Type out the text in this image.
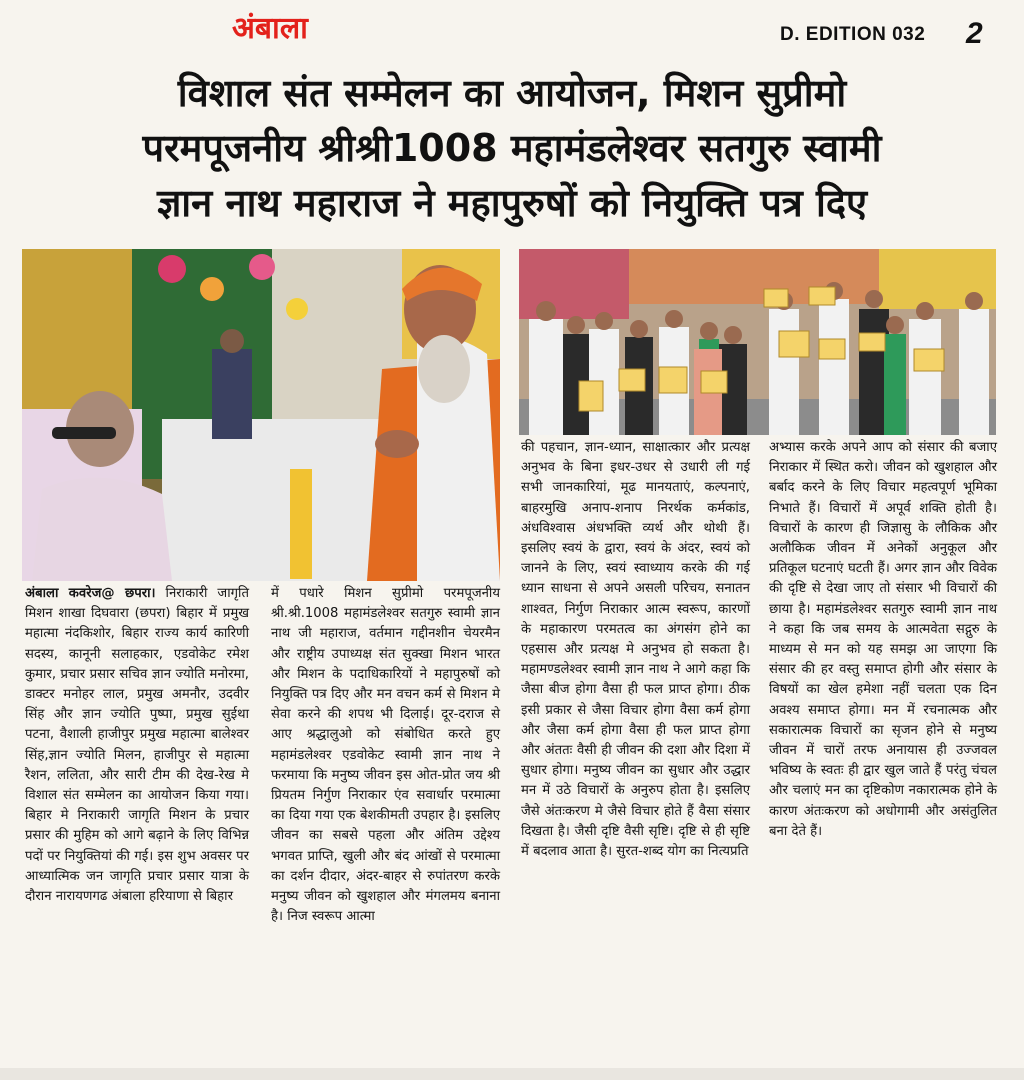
अंबाला	D. EDITION 032 2
विशाल संत सम्मेलन का आयोजन, मिशन सुप्रीमो
परमपूजनीय श्रीश्री1008 महामंडलेश्वर सतगुरु स्वामी
ज्ञान नाथ महाराज ने महापुरुषों को नियुक्ति पत्र दिए

अंबाला कवरेज@ छपरा। निराकारी जागृति मिशन शाखा दिघवारा (छपरा) बिहार में प्रमुख महात्मा नंदकिशोर, बिहार राज्य कार्य कारिणी सदस्य, कानूनी सलाहकार, एडवोकेट रमेश कुमार, प्रचार प्रसार सचिव ज्ञान ज्योति मनोरमा, डाक्टर मनोहर लाल, प्रमुख अमनौर, उदवीर सिंह और ज्ञान ज्योति पुष्पा, प्रमुख सुईथा पटना, वैशाली हाजीपुर प्रमुख महात्मा बालेश्वर सिंह,ज्ञान ज्योति मिलन, हाजीपुर से महात्मा रैशन, ललिता, और सारी टीम की देख-रेख मे विशाल संत सम्मेलन का आयोजन किया गया। बिहार मे निराकारी जागृति मिशन के प्रचार प्रसार की मुहिम को आगे बढ़ाने के लिए विभिन्न पदों पर नियुक्तियां की गई। इस शुभ अवसर पर आध्यात्मिक जन जागृति प्रचार प्रसार यात्रा के दौरान नारायणगढ अंबाला हरियाणा से बिहार

में पधारे मिशन सुप्रीमो परमपूजनीय श्री.श्री.1008 महामंडलेश्वर सतगुरु स्वामी ज्ञान नाथ जी महाराज, वर्तमान गद्दीनशीन चेयरमैन और राष्ट्रीय उपाध्यक्ष संत सुक्खा मिशन भारत और मिशन के पदाधिकारियों ने महापुरुषों को नियुक्ति पत्र दिए और मन वचन कर्म से मिशन मे सेवा करने की शपथ भी दिलाई। दूर-दराज से आए श्रद्धालुओ को संबोधित करते हुए महामंडलेश्वर एडवोकेट स्वामी ज्ञान नाथ ने फरमाया कि मनुष्य जीवन इस ओत-प्रोत जय श्री प्रियतम निर्गुण निराकार एंव सवार्धार परमात्मा का दिया गया एक बेशकीमती उपहार है। इसलिए जीवन का सबसे पहला और अंतिम उद्देश्य भगवत प्राप्ति, खुली और बंद आंखों से परमात्मा का दर्शन दीदार, अंदर-बाहर से रुपांतरण करके मनुष्य जीवन को खुशहाल और मंगलमय बनाना है। निज स्वरूप आत्मा

की पहचान, ज्ञान-ध्यान, साक्षात्कार और प्रत्यक्ष अनुभव के बिना इधर-उधर से उधारी ली गई सभी जानकारियां, मूढ मानयताएं, कल्पनाएं, बाहरमुखि अनाप-शनाप निरर्थक कर्मकांड, अंधविश्वास अंधभक्ति व्यर्थ और थोथी हैं। इसलिए स्वयं के द्वारा, स्वयं के अंदर, स्वयं को जानने के लिए, स्वयं स्वाध्याय करके की गई ध्यान साधना से अपने असली परिचय, सनातन शाश्वत, निर्गुण निराकार आत्म स्वरूप, कारणों के महाकारण परमतत्व का अंगसंग होने का एहसास और प्रत्यक्ष मे अनुभव हो सकता है। महामण्डलेश्वर स्वामी ज्ञान नाथ ने आगे कहा कि जैसा बीज होगा वैसा ही फल प्राप्त होगा। ठीक इसी प्रकार से जैसा विचार होगा वैसा कर्म होगा और जैसा कर्म होगा वैसा ही फल प्राप्त होगा और अंततः वैसी ही जीवन की दशा और दिशा में सुधार होगा। मनुष्य जीवन का सुधार और उद्धार मन में उठे विचारों के अनुरुप होता है। इसलिए जैसे अंतःकरण मे जैसे विचार होते हैं वैसा संसार दिखता है। जैसी दृष्टि वैसी सृष्टि। दृष्टि से ही सृष्टि में बदलाव आता है। सुरत-शब्द योग का नित्यप्रति

अभ्यास करके अपने आप को संसार की बजाए निराकार में स्थित करो। जीवन को खुशहाल और बर्बाद करने के लिए विचार महत्वपूर्ण भूमिका निभाते हैं। विचारों में अपूर्व शक्ति होती है। विचारों के कारण ही जिज्ञासु के लौकिक और अलौकिक जीवन में अनेकों अनुकूल और प्रतिकूल घटनाएं घटती हैं। अगर ज्ञान और विवेक की दृष्टि से देखा जाए तो संसार भी विचारों की छाया है। महामंडलेश्वर सतगुरु स्वामी ज्ञान नाथ ने कहा कि जब समय के आत्मवेता सद्गुरु के माध्यम से मन को यह समझ आ जाएगा कि संसार की हर वस्तु समाप्त होगी और संसार के विषयों का खेल हमेशा नहीं चलता एक दिन अवश्य समाप्त होगा। मन में रचनात्मक और सकारात्मक विचारों का सृजन होने से मनुष्य जीवन में चारों तरफ अनायास ही उज्जवल भविष्य के स्वतः ही द्वार खुल जाते हैं परंतु चंचल और चलाएं मन का दृष्टिकोण नकारात्मक होने के कारण अंतःकरण को अधोगामी और असंतुलित बना देते हैं।
